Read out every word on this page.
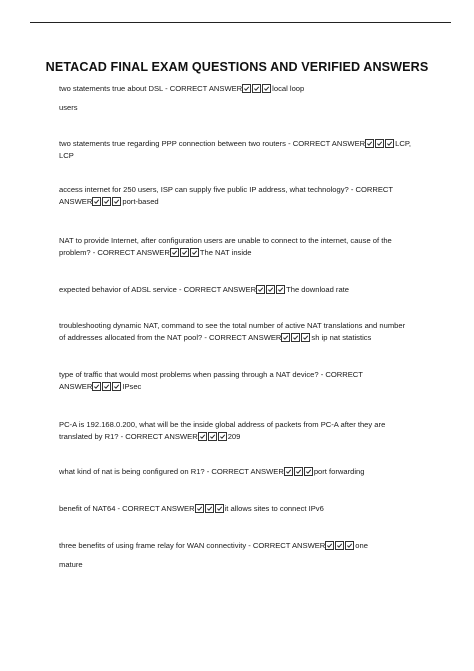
NETACAD FINAL EXAM QUESTIONS AND VERIFIED ANSWERS
two statements true about DSL - CORRECT ANSWER	local loop
users
two statements true regarding PPP connection between two routers - CORRECT ANSWER	LCP,
LCP
access internet for 250 users, ISP can supply five public IP address, what technology? - CORRECT
ANSWER	port-based
NAT to provide Internet, after configuration users are unable to connect to the internet, cause of the
problem? - CORRECT ANSWER	The NAT inside
expected behavior of ADSL service - CORRECT ANSWER	The download rate
troubleshooting dynamic NAT, command to see the total number of active NAT translations and number
of addresses allocated from the NAT pool? - CORRECT ANSWER	sh ip nat statistics
type of traffic that would most problems when passing through a NAT device? - CORRECT
ANSWER	IPsec
PC-A is 192.168.0.200, what will be the inside global address of packets from PC-A after they are
translated by R1? - CORRECT ANSWER	209
what kind of nat is being configured on R1? - CORRECT ANSWER	port forwarding
benefit of NAT64 - CORRECT ANSWER	it allows sites to connect IPv6
three benefits of using frame relay for WAN connectivity - CORRECT ANSWER	one
mature
